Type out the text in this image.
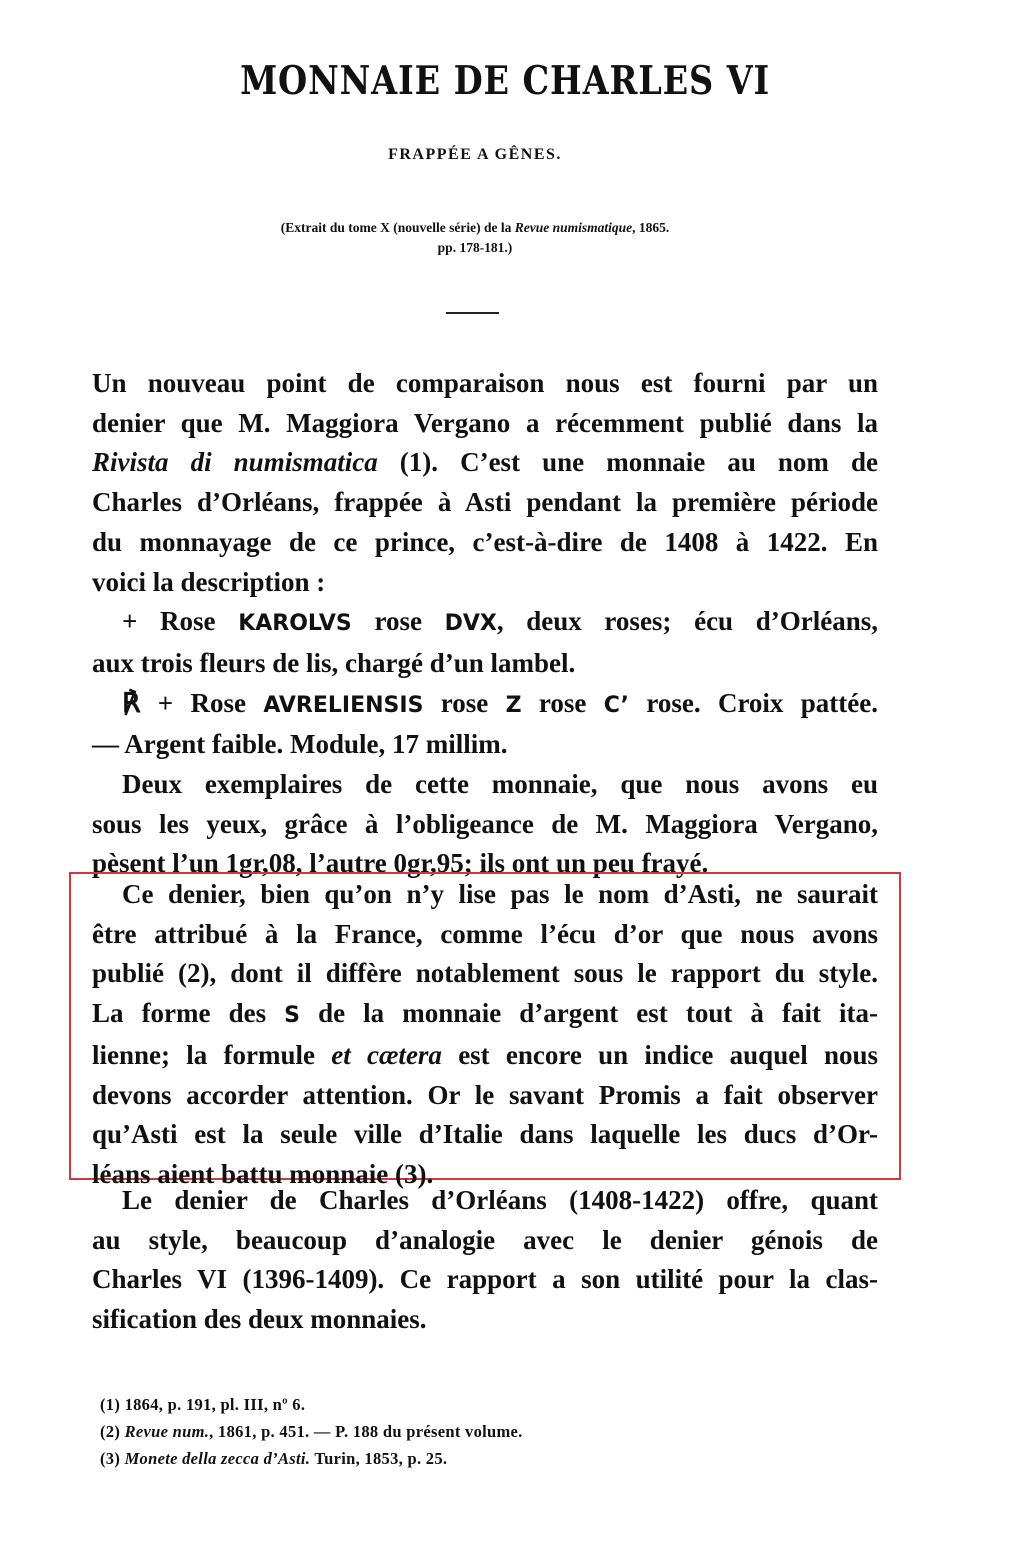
MONNAIE DE CHARLES VI
FRAPPÉE A GÊNES.
(Extrait du tome X (nouvelle série) de la Revue numismatique, 1865.
pp. 178-181.)
Un nouveau point de comparaison nous est fourni par un
denier que M. Maggiora Vergano a récemment publié dans la
Rivista di numismatica (1). C’est une monnaie au nom de
Charles d’Orléans, frappée à Asti pendant la première période
du monnayage de ce prince, c’est-à-dire de 1408 à 1422. En
voici la description :
+ Rose KAROLVS rose DVX, deux roses; écu d’Orléans,
aux trois fleurs de lis, chargé d’un lambel.
℟ + Rose AVRELIENSIS rose Z rose C’ rose. Croix pattée.
— Argent faible. Module, 17 millim.
Deux exemplaires de cette monnaie, que nous avons eu
sous les yeux, grâce à l’obligeance de M. Maggiora Vergano,
pèsent l’un 1gr,08, l’autre 0gr,95; ils ont un peu frayé.
Ce denier, bien qu’on n’y lise pas le nom d’Asti, ne saurait
être attribué à la France, comme l’écu d’or que nous avons
publié (2), dont il diffère notablement sous le rapport du style.
La forme des S de la monnaie d’argent est tout à fait ita-
lienne; la formule et cætera est encore un indice auquel nous
devons accorder attention. Or le savant Promis a fait observer
qu’Asti est la seule ville d’Italie dans laquelle les ducs d’Or-
léans aient battu monnaie (3).
Le denier de Charles d’Orléans (1408-1422) offre, quant
au style, beaucoup d’analogie avec le denier génois de
Charles VI (1396-1409). Ce rapport a son utilité pour la clas-
sification des deux monnaies.
(1) 1864, p. 191, pl. III, nº 6.
(2) Revue num., 1861, p. 451. — P. 188 du présent volume.
(3) Monete della zecca d’Asti. Turin, 1853, p. 25.
